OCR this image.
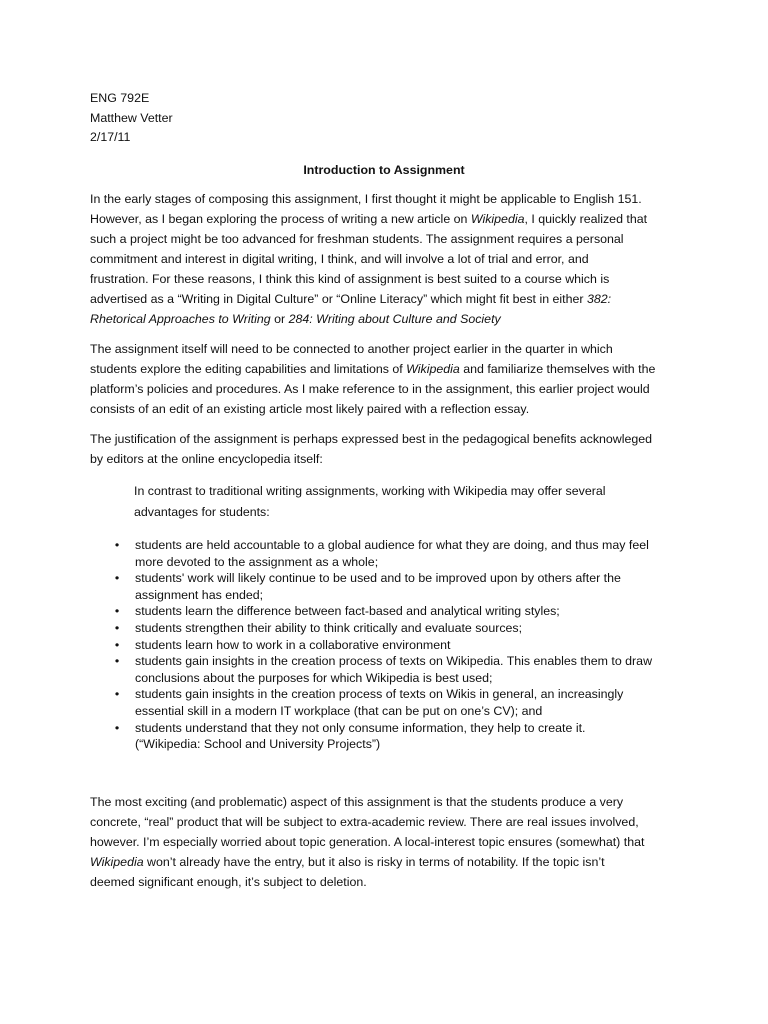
ENG 792E
Matthew Vetter
2/17/11
Introduction to Assignment

In the early stages of composing this assignment, I first thought it might be applicable to English 151.
However, as I began exploring the process of writing a new article on Wikipedia, I quickly realized that
such a project might be too advanced for freshman students. The assignment requires a personal
commitment and interest in digital writing, I think, and will involve a lot of trial and error, and
frustration. For these reasons, I think this kind of assignment is best suited to a course which is
advertised as a “Writing in Digital Culture” or “Online Literacy” which might fit best in either 382:
Rhetorical Approaches to Writing or 284: Writing about Culture and Society

The assignment itself will need to be connected to another project earlier in the quarter in which
students explore the editing capabilities and limitations of Wikipedia and familiarize themselves with the
platform’s policies and procedures. As I make reference to in the assignment, this earlier project would
consists of an edit of an existing article most likely paired with a reflection essay.

The justification of the assignment is perhaps expressed best in the pedagogical benefits acknowleged
by editors at the online encyclopedia itself:

In contrast to traditional writing assignments, working with Wikipedia may offer several
advantages for students:
• students are held accountable to a global audience for what they are doing, and thus may feel
more devoted to the assignment as a whole;
• students' work will likely continue to be used and to be improved upon by others after the
assignment has ended;
• students learn the difference between fact-based and analytical writing styles;
• students strengthen their ability to think critically and evaluate sources;
• students learn how to work in a collaborative environment
• students gain insights in the creation process of texts on Wikipedia. This enables them to draw
conclusions about the purposes for which Wikipedia is best used;
• students gain insights in the creation process of texts on Wikis in general, an increasingly
essential skill in a modern IT workplace (that can be put on one’s CV); and
• students understand that they not only consume information, they help to create it.
(“Wikipedia: School and University Projects”)

The most exciting (and problematic) aspect of this assignment is that the students produce a very
concrete, “real” product that will be subject to extra-academic review. There are real issues involved,
however. I’m especially worried about topic generation. A local-interest topic ensures (somewhat) that
Wikipedia won’t already have the entry, but it also is risky in terms of notability. If the topic isn’t
deemed significant enough, it’s subject to deletion.
